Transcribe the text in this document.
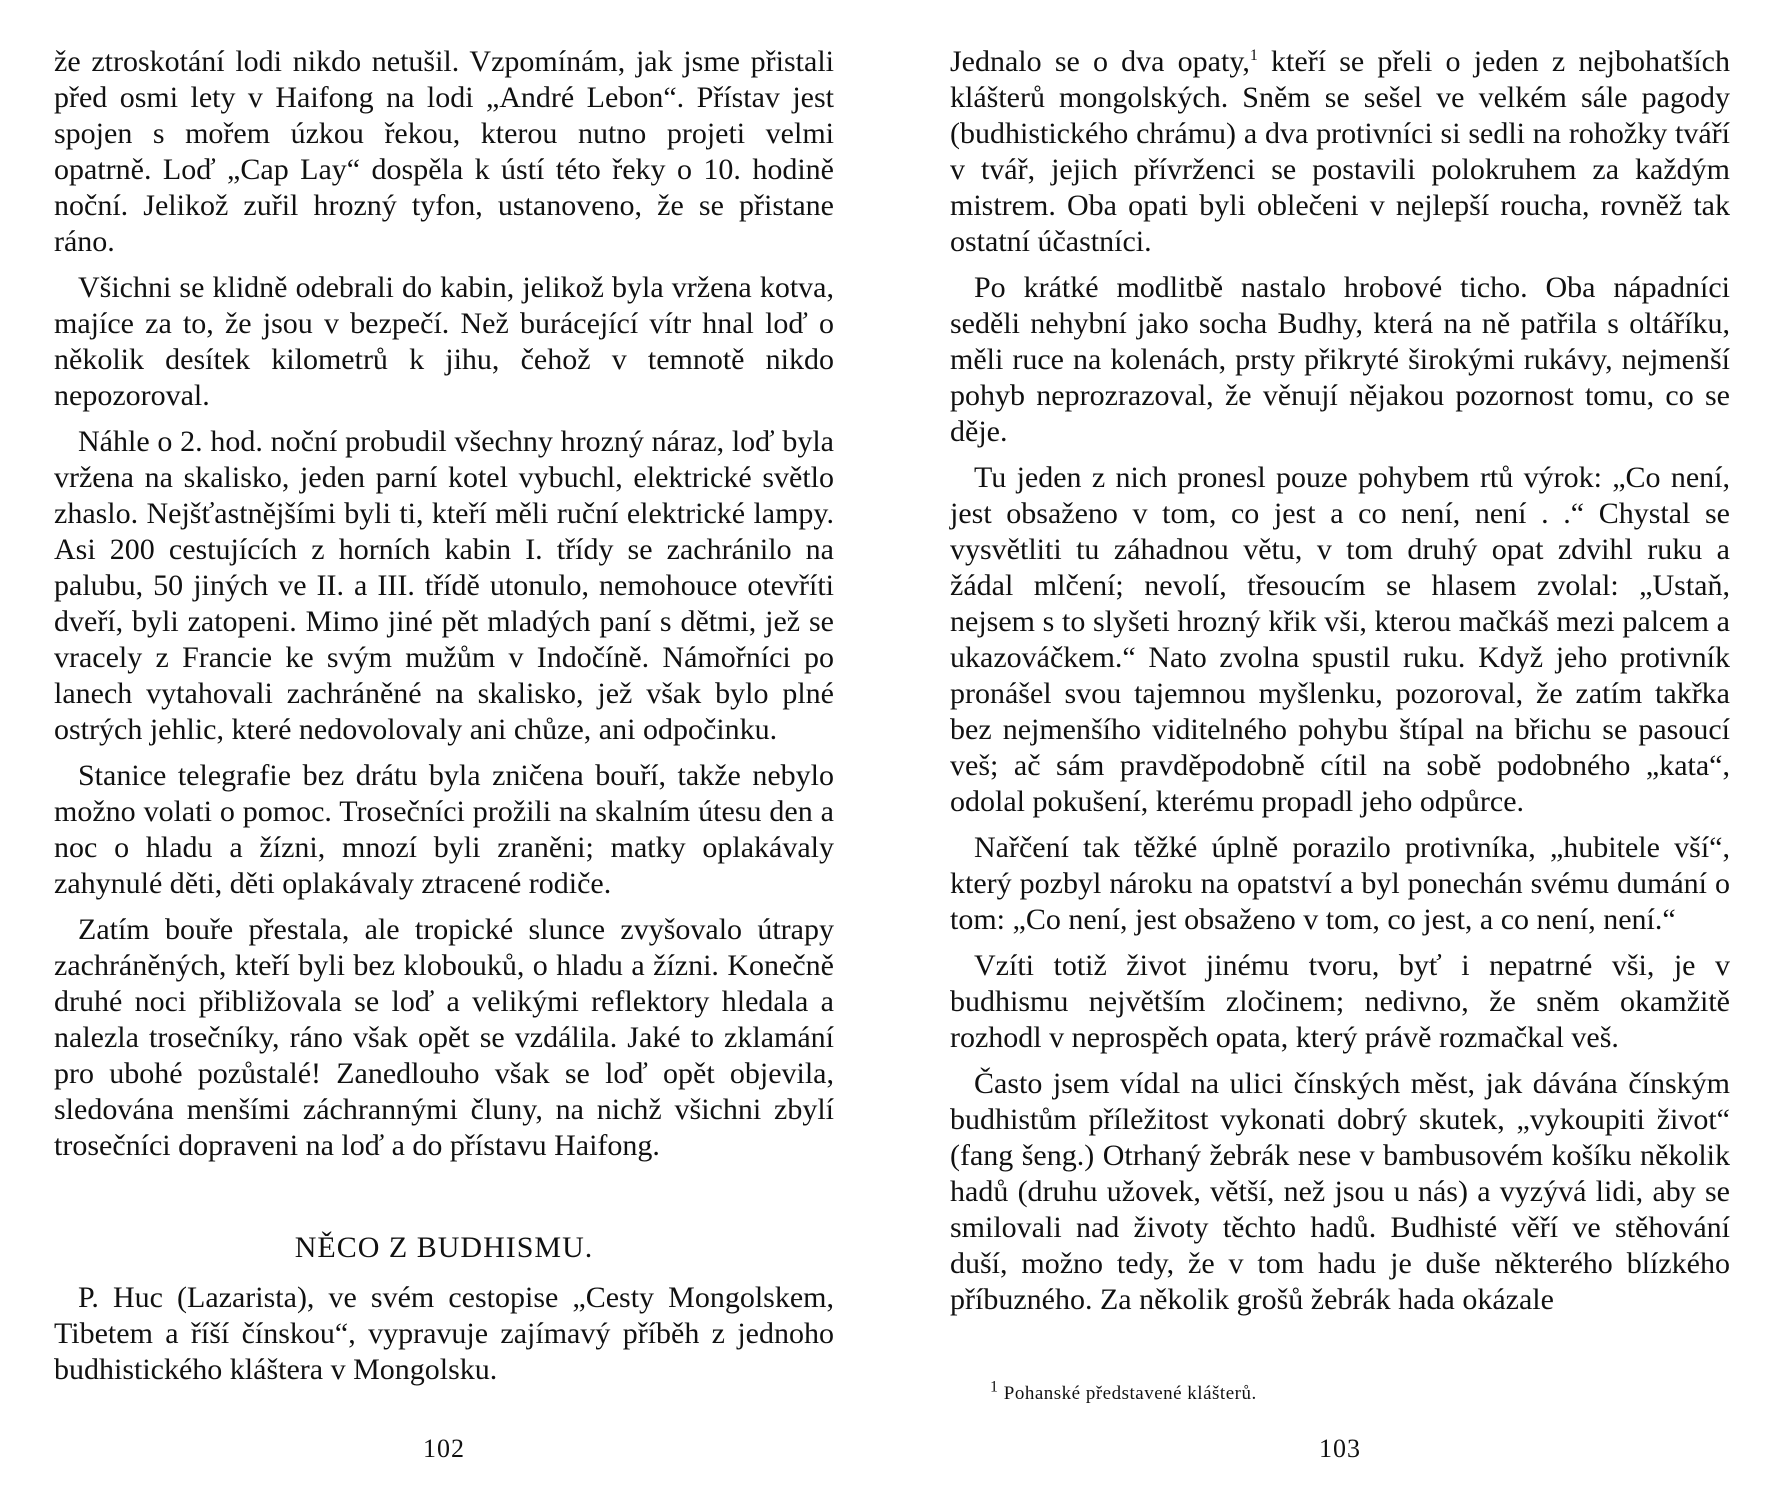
že ztroskotání lodi nikdo netušil. Vzpomínám, jak jsme přistali před osmi lety v Haifong na lodi „André Lebon“. Přístav jest spojen s mořem úzkou řekou, kterou nutno projeti velmi opatrně. Loď „Cap Lay“ dospěla k ústí této řeky o 10. hodině noční. Jelikož zuřil hrozný tyfon, ustanoveno, že se přistane ráno.

Všichni se klidně odebrali do kabin, jelikož byla vržena kotva, majíce za to, že jsou v bezpečí. Než burácející vítr hnal loď o několik desítek kilometrů k jihu, čehož v temnotě nikdo nepozoroval.

Náhle o 2. hod. noční probudil všechny hrozný náraz, loď byla vržena na skalisko, jeden parní kotel vybuchl, elektrické světlo zhaslo. Nejšťastnějšími byli ti, kteří měli ruční elektrické lampy. Asi 200 cestujících z horních kabin I. třídy se zachránilo na palubu, 50 jiných ve II. a III. třídě utonulo, nemohouce otevříti dveří, byli zatopeni. Mimo jiné pět mladých paní s dětmi, jež se vracely z Francie ke svým mužům v Indočíně. Námořníci po lanech vytahovali zachráněné na skalisko, jež však bylo plné ostrých jehlic, které nedovolovaly ani chůze, ani odpočinku.

Stanice telegrafie bez drátu byla zničena bouří, takže nebylo možno volati o pomoc. Trosečníci prožili na skalním útesu den a noc o hladu a žízni, mnozí byli zraněni; matky oplakávaly zahynulé děti, děti oplakávaly ztracené rodiče.

Zatím bouře přestala, ale tropické slunce zvyšovalo útrapy zachráněných, kteří byli bez klobouků, o hladu a žízni. Konečně druhé noci přibližovala se loď a velikými reflektory hledala a nalezla trosečníky, ráno však opět se vzdálila. Jaké to zklamání pro ubohé pozůstalé! Zanedlouho však se loď opět objevila, sledována menšími záchrannými čluny, na nichž všichni zbylí trosečníci dopraveni na loď a do přístavu Haifong.

NĚCO Z BUDHISMU.

P. Huc (Lazarista), ve svém cestopise „Cesty Mongolskem, Tibetem a říší čínskou“, vypravuje zajímavý příběh z jednoho budhistického kláštera v Mongolsku.

102

Jednalo se o dva opaty,$^1$ kteří se přeli o jeden z nejbohatších klášterů mongolských. Sněm se sešel ve velkém sále pagody (budhistického chrámu) a dva protivníci si sedli na rohožky tváří v tvář, jejich přívrženci se postavili polokruhem za každým mistrem. Oba opati byli oblečeni v nejlepší roucha, rovněž tak ostatní účastníci.

Po krátké modlitbě nastalo hrobové ticho. Oba nápadníci seděli nehybní jako socha Budhy, která na ně patřila s oltáříku, měli ruce na kolenách, prsty přikryté širokými rukávy, nejmenší pohyb neprozrazoval, že věnují nějakou pozornost tomu, co se děje.

Tu jeden z nich pronesl pouze pohybem rtů výrok: „Co není, jest obsaženo v tom, co jest a co není, není . .“ Chystal se vysvětliti tu záhadnou větu, v tom druhý opat zdvihl ruku a žádal mlčení; nevolí, třesoucím se hlasem zvolal: „Ustaň, nejsem s to slyšeti hrozný křik vši, kterou mačkáš mezi palcem a ukazováčkem.“ Nato zvolna spustil ruku. Když jeho protivník pronášel svou tajemnou myšlenku, pozoroval, že zatím takřka bez nejmenšího viditelného pohybu štípal na břichu se pasoucí veš; ač sám pravděpodobně cítil na sobě podobného „kata“, odolal pokušení, kterému propadl jeho odpůrce.

Nařčení tak těžké úplně porazilo protivníka, „hubitele vší“, který pozbyl nároku na opatství a byl ponechán svému dumání o tom: „Co není, jest obsaženo v tom, co jest, a co není, není.“

Vzíti totiž život jinému tvoru, byť i nepatrné vši, je v budhismu největším zločinem; nedivno, že sněm okamžitě rozhodl v neprospěch opata, který právě rozmačkal veš.

Často jsem vídal na ulici čínských měst, jak dávána čínským budhistům příležitost vykonati dobrý skutek, „vykoupiti život“ (fang šeng.) Otrhaný žebrák nese v bambusovém košíku několik hadů (druhu užovek, větší, než jsou u nás) a vyzývá lidi, aby se smilovali nad životy těchto hadů. Budhisté věří ve stěhování duší, možno tedy, že v tom hadu je duše některého blízkého příbuzného. Za několik grošů žebrák hada okázale

$^1$ Pohanské představené klášterů.
103
